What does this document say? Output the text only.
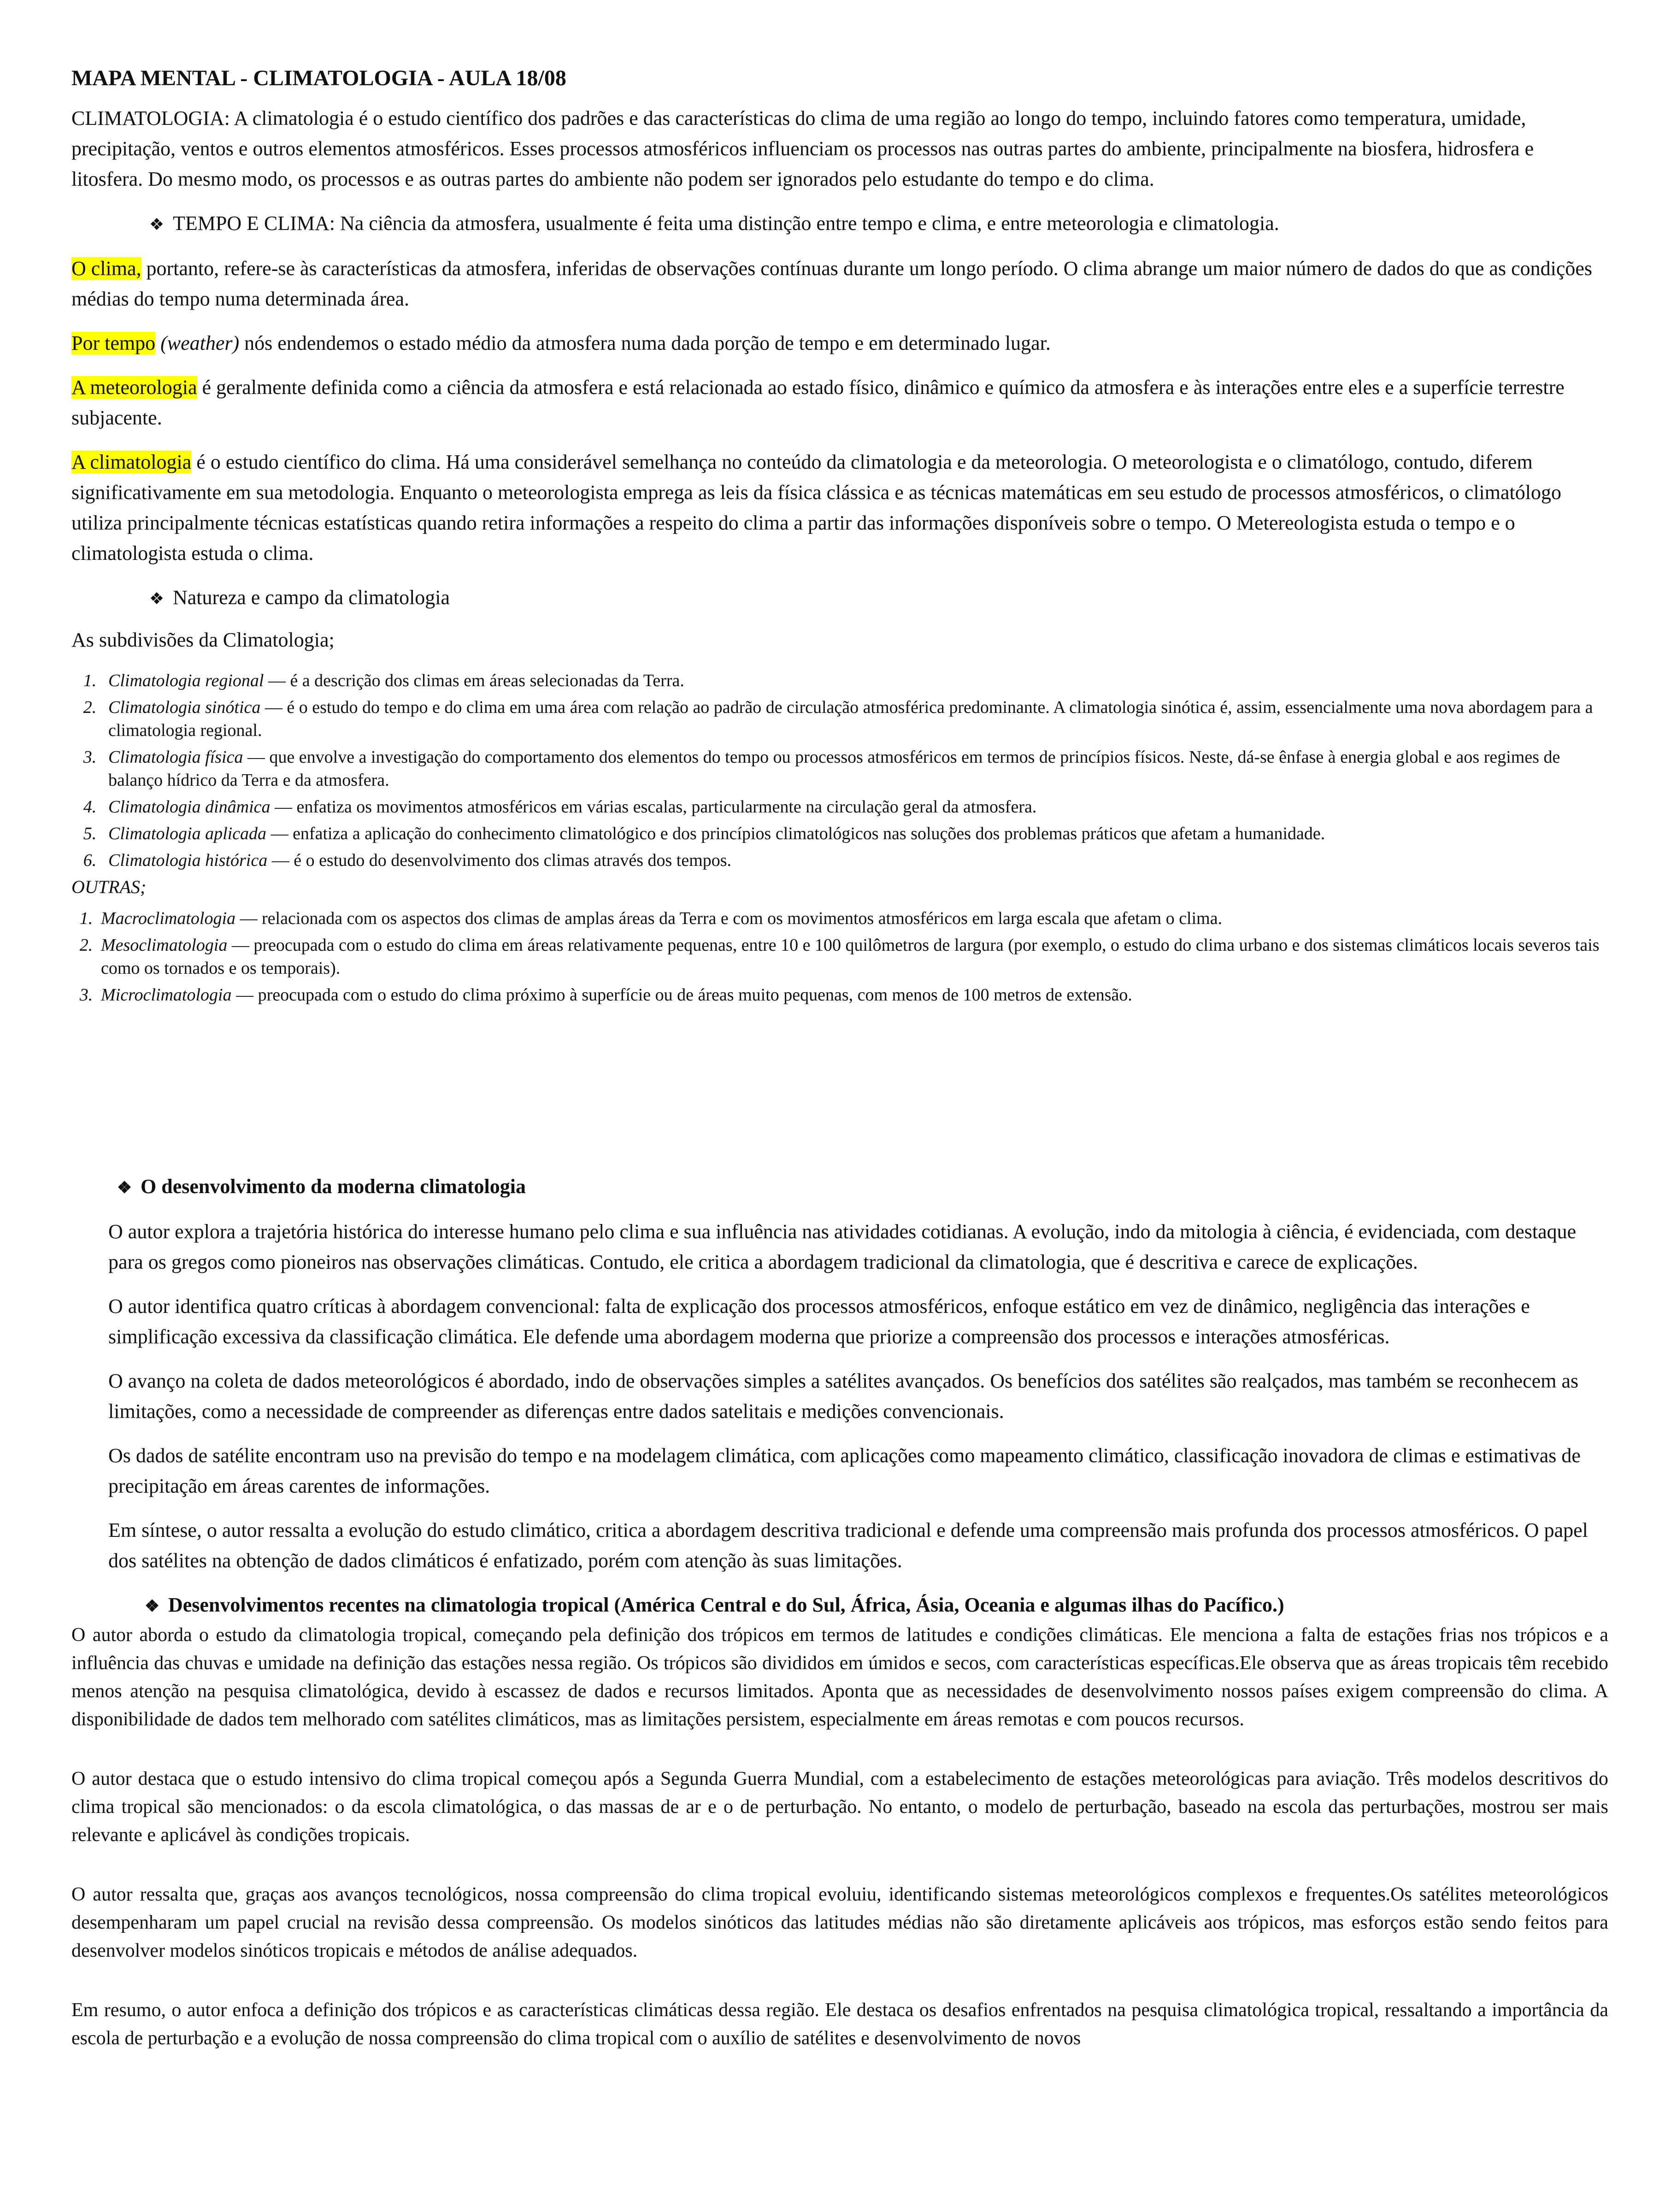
MAPA MENTAL - CLIMATOLOGIA - AULA 18/08

CLIMATOLOGIA: A climatologia é o estudo científico dos padrões e das características do clima de uma região ao longo do tempo, incluindo fatores como temperatura, umidade, precipitação, ventos e outros elementos atmosféricos. Esses processos atmosféricos influenciam os processos nas outras partes do ambiente, principalmente na biosfera, hidrosfera e litosfera. Do mesmo modo, os processos e as outras partes do ambiente não podem ser ignorados pelo estudante do tempo e do clima.

❖ TEMPO E CLIMA: Na ciência da atmosfera, usualmente é feita uma distinção entre tempo e clima, e entre meteorologia e climatologia.

O clima, portanto, refere-se às características da atmosfera, inferidas de observações contínuas durante um longo período. O clima abrange um maior número de dados do que as condições médias do tempo numa determinada área.

Por tempo (weather) nós endendemos o estado médio da atmosfera numa dada porção de tempo e em determinado lugar.

A meteorologia é geralmente definida como a ciência da atmosfera e está relacionada ao estado físico, dinâmico e químico da atmosfera e às interações entre eles e a superfície terrestre subjacente.

A climatologia é o estudo científico do clima. Há uma considerável semelhança no conteúdo da climatologia e da meteorologia. O meteorologista e o climatólogo, contudo, diferem significativamente em sua metodologia. Enquanto o meteorologista emprega as leis da física clássica e as técnicas matemáticas em seu estudo de processos atmosféricos, o climatólogo utiliza principalmente técnicas estatísticas quando retira informações a respeito do clima a partir das informações disponíveis sobre o tempo. O Metereologista estuda o tempo e o climatologista estuda o clima.

❖ Natureza e campo da climatologia

As subdivisões da Climatologia;

1. Climatologia regional — é a descrição dos climas em áreas selecionadas da Terra.
2. Climatologia sinótica — é o estudo do tempo e do clima em uma área com relação ao padrão de circulação atmosférica predominante. A climatologia sinótica é, assim, essencialmente uma nova abordagem para a climatologia regional.
3. Climatologia física — que envolve a investigação do comportamento dos elementos do tempo ou processos atmosféricos em termos de princípios físicos. Neste, dá-se ênfase à energia global e aos regimes de balanço hídrico da Terra e da atmosfera.
4. Climatologia dinâmica — enfatiza os movimentos atmosféricos em várias escalas, particularmente na circulação geral da atmosfera.
5. Climatologia aplicada — enfatiza a aplicação do conhecimento climatológico e dos princípios climatológicos nas soluções dos problemas práticos que afetam a humanidade.
6. Climatologia histórica — é o estudo do desenvolvimento dos climas através dos tempos.

OUTRAS;

1. Macroclimatologia — relacionada com os aspectos dos climas de amplas áreas da Terra e com os movimentos atmosféricos em larga escala que afetam o clima.
2. Mesoclimatologia — preocupada com o estudo do clima em áreas relativamente pequenas, entre 10 e 100 quilômetros de largura (por exemplo, o estudo do clima urbano e dos sistemas climáticos locais severos tais como os tornados e os temporais).
3. Microclimatologia — preocupada com o estudo do clima próximo à superfície ou de áreas muito pequenas, com menos de 100 metros de extensão.
❖ O desenvolvimento da moderna climatologia

O autor explora a trajetória histórica do interesse humano pelo clima e sua influência nas atividades cotidianas. A evolução, indo da mitologia à ciência, é evidenciada, com destaque para os gregos como pioneiros nas observações climáticas. Contudo, ele critica a abordagem tradicional da climatologia, que é descritiva e carece de explicações.

O autor identifica quatro críticas à abordagem convencional: falta de explicação dos processos atmosféricos, enfoque estático em vez de dinâmico, negligência das interações e simplificação excessiva da classificação climática. Ele defende uma abordagem moderna que priorize a compreensão dos processos e interações atmosféricas.

O avanço na coleta de dados meteorológicos é abordado, indo de observações simples a satélites avançados. Os benefícios dos satélites são realçados, mas também se reconhecem as limitações, como a necessidade de compreender as diferenças entre dados satelitais e medições convencionais.

Os dados de satélite encontram uso na previsão do tempo e na modelagem climática, com aplicações como mapeamento climático, classificação inovadora de climas e estimativas de precipitação em áreas carentes de informações.

Em síntese, o autor ressalta a evolução do estudo climático, critica a abordagem descritiva tradicional e defende uma compreensão mais profunda dos processos atmosféricos. O papel dos satélites na obtenção de dados climáticos é enfatizado, porém com atenção às suas limitações.

❖ Desenvolvimentos recentes na climatologia tropical (América Central e do Sul, África, Ásia, Oceania e algumas ilhas do Pacífico.)

O autor aborda o estudo da climatologia tropical, começando pela definição dos trópicos em termos de latitudes e condições climáticas. Ele menciona a falta de estações frias nos trópicos e a influência das chuvas e umidade na definição das estações nessa região. Os trópicos são divididos em úmidos e secos, com características específicas.Ele observa que as áreas tropicais têm recebido menos atenção na pesquisa climatológica, devido à escassez de dados e recursos limitados. Aponta que as necessidades de desenvolvimento nossos países exigem compreensão do clima. A disponibilidade de dados tem melhorado com satélites climáticos, mas as limitações persistem, especialmente em áreas remotas e com poucos recursos.

O autor destaca que o estudo intensivo do clima tropical começou após a Segunda Guerra Mundial, com a estabelecimento de estações meteorológicas para aviação. Três modelos descritivos do clima tropical são mencionados: o da escola climatológica, o das massas de ar e o de perturbação. No entanto, o modelo de perturbação, baseado na escola das perturbações, mostrou ser mais relevante e aplicável às condições tropicais.

O autor ressalta que, graças aos avanços tecnológicos, nossa compreensão do clima tropical evoluiu, identificando sistemas meteorológicos complexos e frequentes.Os satélites meteorológicos desempenharam um papel crucial na revisão dessa compreensão. Os modelos sinóticos das latitudes médias não são diretamente aplicáveis aos trópicos, mas esforços estão sendo feitos para desenvolver modelos sinóticos tropicais e métodos de análise adequados.

Em resumo, o autor enfoca a definição dos trópicos e as características climáticas dessa região. Ele destaca os desafios enfrentados na pesquisa climatológica tropical, ressaltando a importância da escola de perturbação e a evolução de nossa compreensão do clima tropical com o auxílio de satélites e desenvolvimento de novos
